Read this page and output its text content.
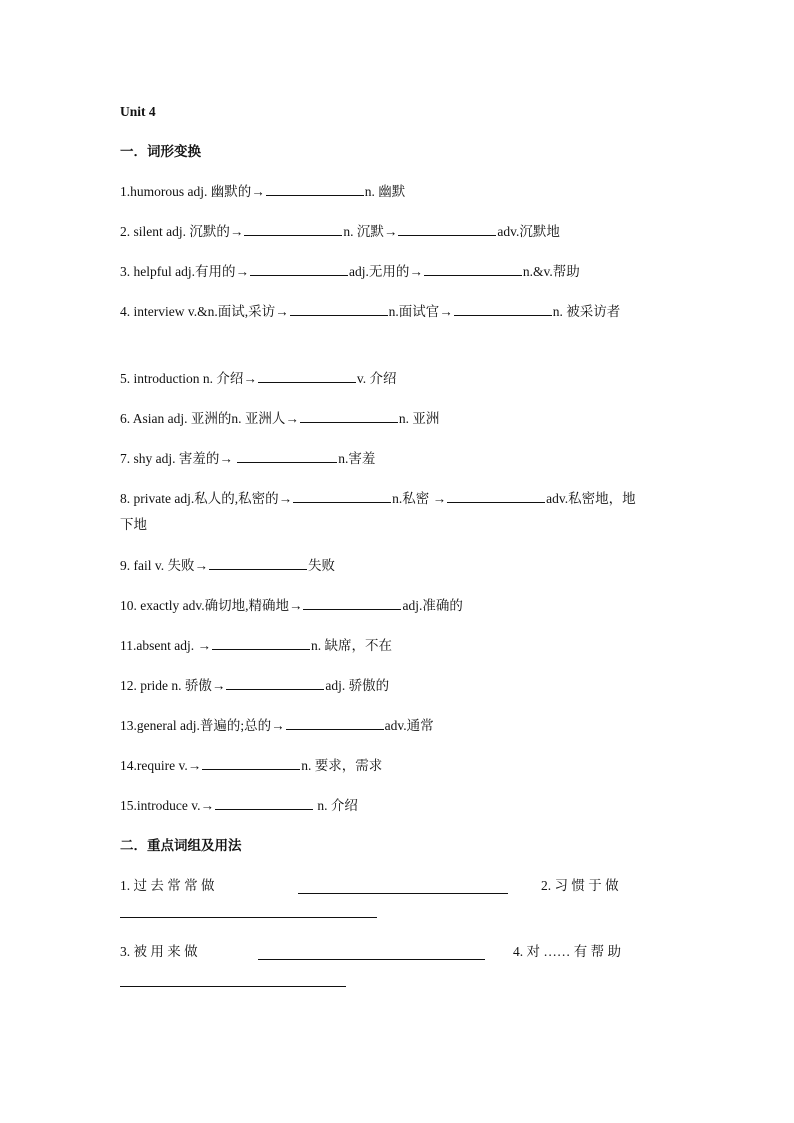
Unit 4
一．词形变换
1.humorous adj. 幽默的→	n. 幽默
2. silent adj. 沉默的→	n. 沉默→	adv.沉默地
3. helpful adj.有用的→	adj.无用的→	n.&v.帮助
4. interview v.&n.面试,采访→	n.面试官→	n. 被采访者
5. introduction n. 介绍→	v. 介绍
6. Asian adj. 亚洲的n. 亚洲人→	n. 亚洲
7. shy adj. 害羞的→	n.害羞
8. private adj.私人的,私密的→	n.私密 →	adv.私密地，地
下地
9. fail v. 失败→	失败
10. exactly adv.确切地,精确地→	adj.准确的
11.absent adj. →	n. 缺席，不在
12. pride n. 骄傲→	adj. 骄傲的
13.general adj.普遍的;总的→	adv.通常
14.require v.→	n. 要求，需求
15.introduce v.→	n. 介绍
二．重点词组及用法
1. 过 去 常 常 做	2. 习 惯 于 做
3. 被 用 来 做	4. 对 …… 有 帮 助
